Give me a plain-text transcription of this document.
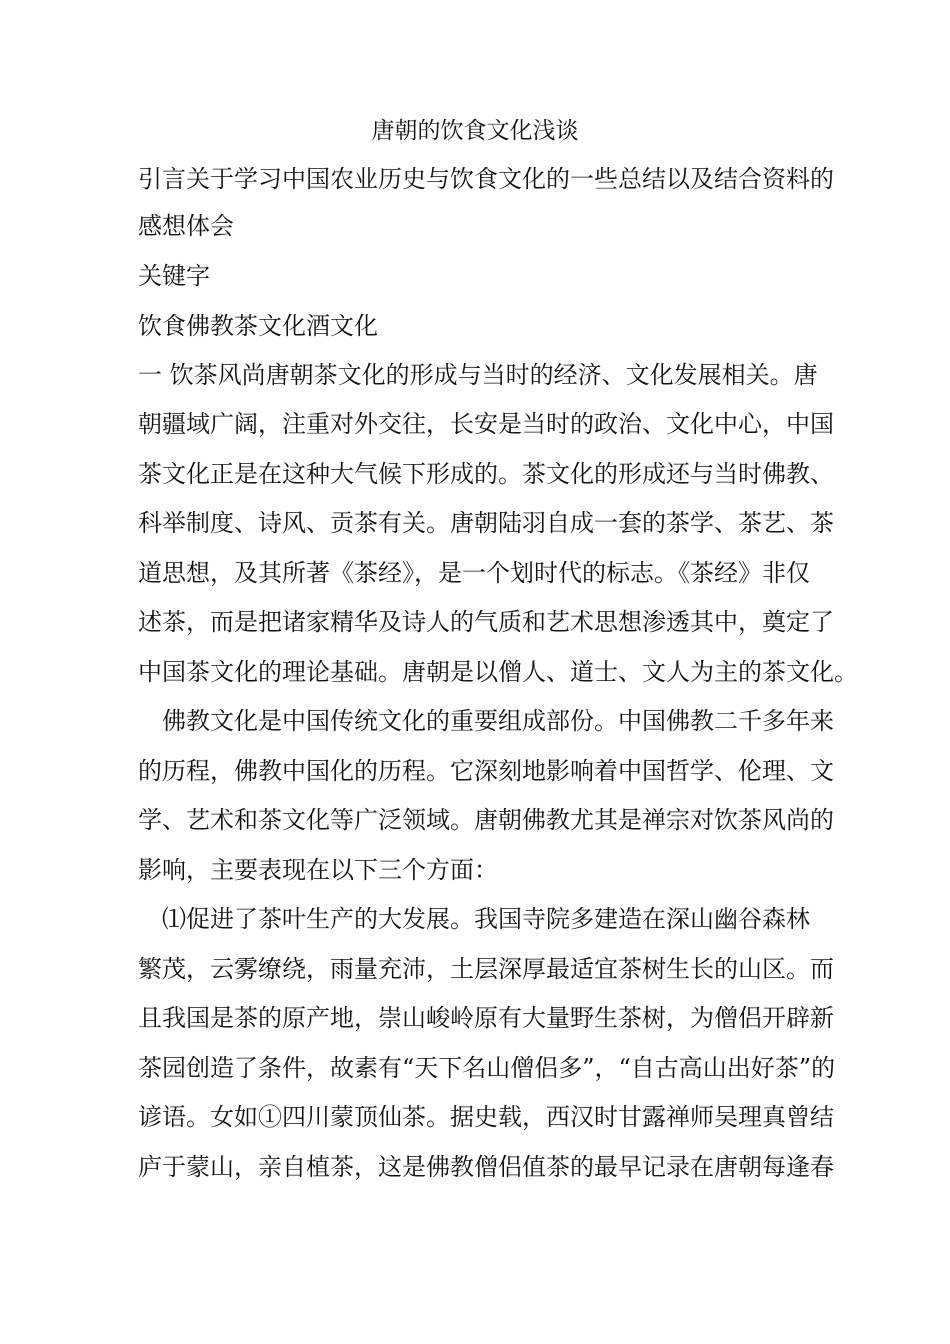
唐朝的饮食文化浅谈
引言关于学习中国农业历史与饮食文化的一些总结以及结合资料的
感想体会
关键字
饮食佛教茶文化酒文化
一 饮茶风尚唐朝茶文化的形成与当时的经济、文化发展相关。唐
朝疆域广阔，注重对外交往，长安是当时的政治、文化中心，中国
茶文化正是在这种大气候下形成的。茶文化的形成还与当时佛教、
科举制度、诗风、贡茶有关。唐朝陆羽自成一套的茶学、茶艺、茶
道思想，及其所著《茶经》，是一个划时代的标志。《茶经》非仅
述茶，而是把诸家精华及诗人的气质和艺术思想渗透其中，奠定了
中国茶文化的理论基础。唐朝是以僧人、道士、文人为主的茶文化。
佛教文化是中国传统文化的重要组成部份。中国佛教二千多年来
的历程，佛教中国化的历程。它深刻地影响着中国哲学、伦理、文
学、艺术和茶文化等广泛领域。唐朝佛教尤其是禅宗对饮茶风尚的
影响，主要表现在以下三个方面：
⑴促进了茶叶生产的大发展。我国寺院多建造在深山幽谷森林
繁茂，云雾缭绕，雨量充沛，土层深厚最适宜茶树生长的山区。而
且我国是茶的原产地，崇山峻岭原有大量野生茶树，为僧侣开辟新
茶园创造了条件，故素有“天下名山僧侣多”，“自古高山出好茶”的
谚语。女如①四川蒙顶仙茶。据史载，西汉时甘露禅师吴理真曾结
庐于蒙山，亲自植茶，这是佛教僧侣值茶的最早记录在唐朝每逢春
